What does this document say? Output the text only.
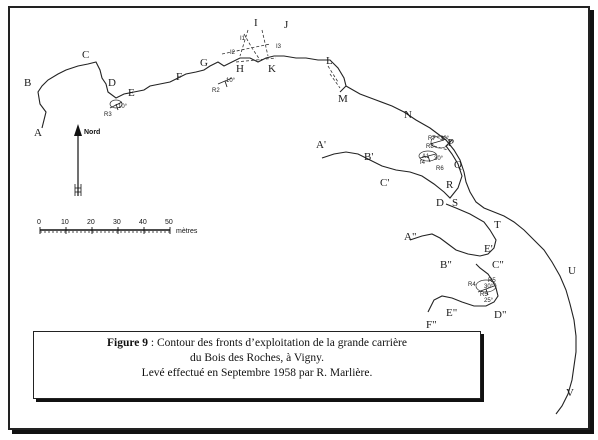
A
B
C
D
E
F
G	H
I J
K
L
M
N
P
Q
R
S
D
T
U
V
A'
B'
C'
E'
A"
B"	C"
D"
E"
F"
R3
10°
R2
10°
I1
I2
I3
R8
R7 30°
A1 30°
R6
R5
R4 30°
R5
25°
f4
Nord
0	10	20	30	40	50
mètres
Figure 9 : Contour des fronts d’exploitation de la grande carrière
du Bois des Roches, à Vigny.
Levé effectué en Septembre 1958 par R. Marlière.
